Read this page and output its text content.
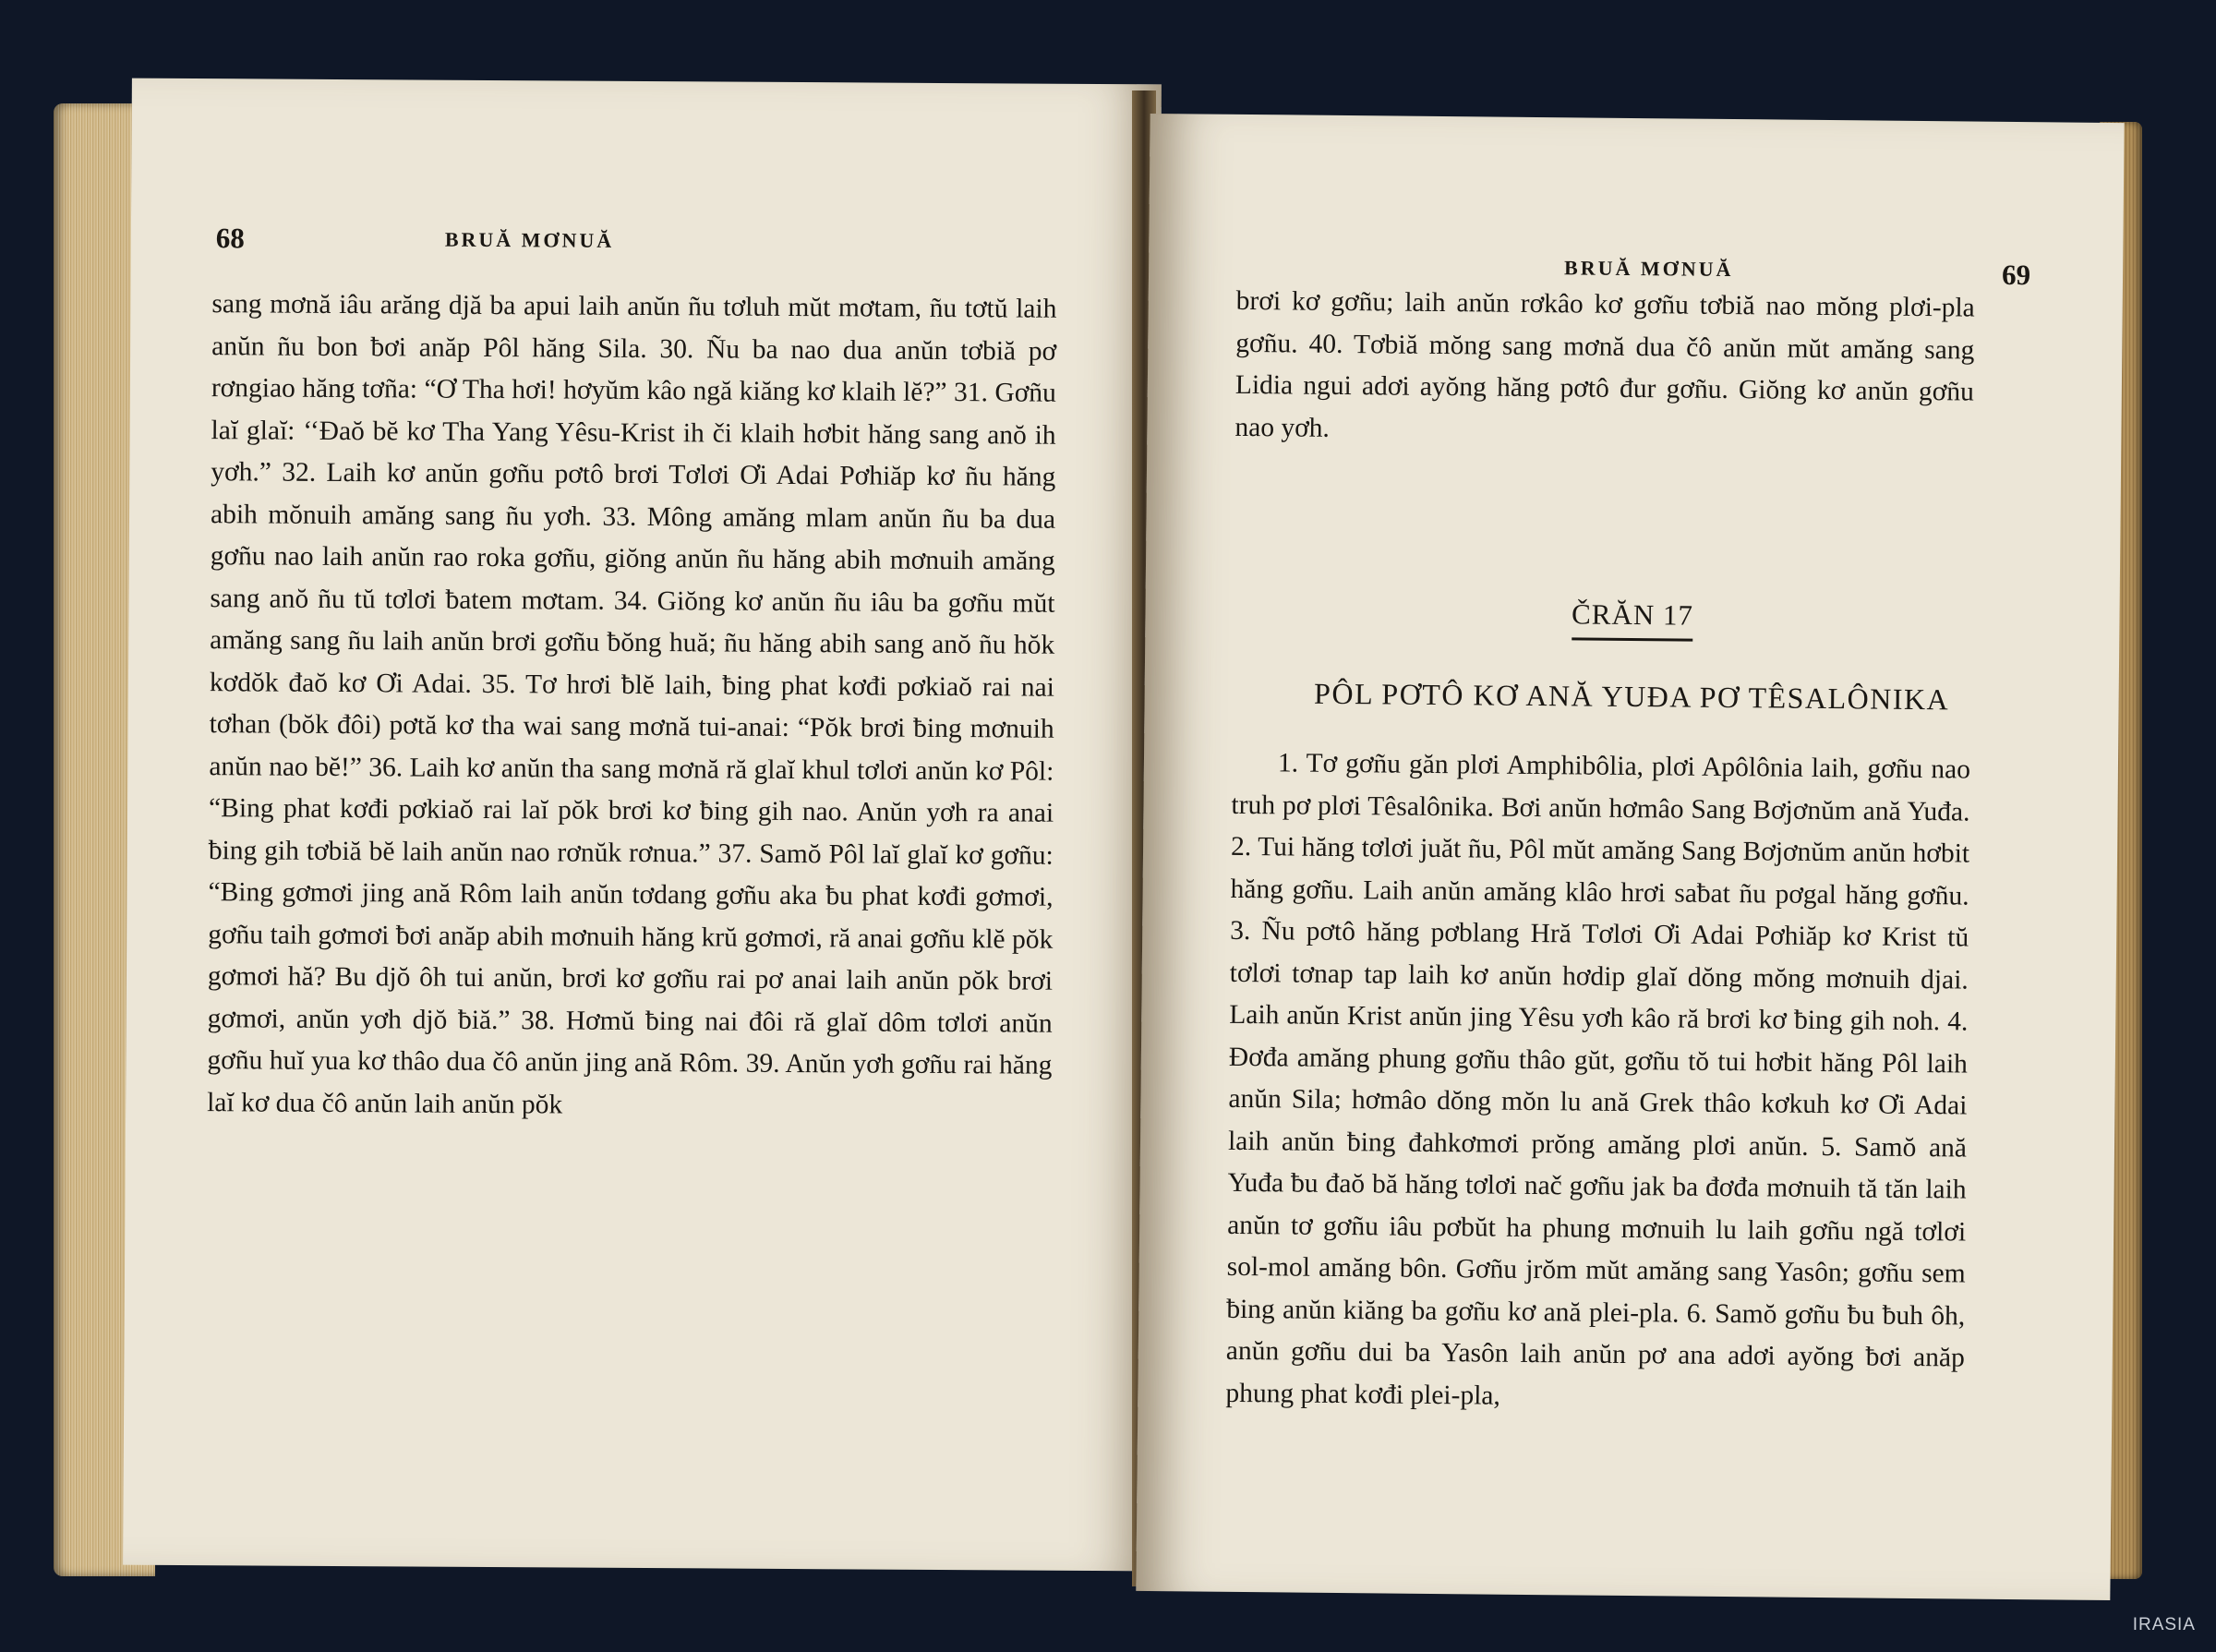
68	BRUĂ MƠNUĂ
sang mơnă iâu arăng djă ba apui laih anŭn ñu tơluh mŭt mơtam, ñu tơtŭ laih anŭn ñu bon ƀơi anăp Pôl hăng Sila. 30. Ñu ba nao dua anŭn tơbiă pơ rơngiao hăng tơña: “Ơ Tha hơi! hơyŭm kâo ngă kiăng kơ klaih lĕ?” 31. Gơñu laĭ glaĭ: ‘‘Đaŏ bĕ kơ Tha Yang Yêsu-Krist ih či klaih hơbit hăng sang anŏ ih yơh.” 32. Laih kơ anŭn gơñu pơtô brơi Tơlơi Ơi Adai Pơhiăp kơ ñu hăng abih mŏnuih amăng sang ñu yơh. 33. Mông amăng mlam anŭn ñu ba dua gơñu nao laih anŭn rao roka gơñu, giŏng anŭn ñu hăng abih mơnuih amăng sang anŏ ñu tŭ tơlơi ƀatem mơtam. 34. Giŏng kơ anŭn ñu iâu ba gơñu mŭt amăng sang ñu laih anŭn brơi gơñu ƀŏng huă; ñu hăng abih sang anŏ ñu hŏk kơdŏk đaŏ kơ Ơi Adai. 35. Tơ hrơi ƀlĕ laih, ƀing phat kơđi pơkiaŏ rai nai tơhan (bŏk đôi) pơtă kơ tha wai sang mơnă tui-anai: “Pŏk brơi ƀing mơnuih anŭn nao bĕ!” 36. Laih kơ anŭn tha sang mơnă ră glaĭ khul tơlơi anŭn kơ Pôl: “Bing phat kơđi pơkiaŏ rai laĭ pŏk brơi kơ ƀing gih nao. Anŭn yơh ra anai ƀing gih tơbiă bĕ laih anŭn nao rơnŭk rơnua.” 37. Samŏ Pôl laĭ glaĭ kơ gơñu: “Bing gơmơi jing ană Rôm laih anŭn tơdang gơñu aka ƀu phat kơđi gơmơi, gơñu taih gơmơi ƀơi anăp abih mơnuih hăng krŭ gơmơi, ră anai gơñu klĕ pŏk gơmơi hă? Bu djŏ ôh tui anŭn, brơi kơ gơñu rai pơ anai laih anŭn pŏk brơi gơmơi, anŭn yơh djŏ ƀiă.” 38. Hơmŭ ƀing nai đôi ră glaĭ dôm tơlơi anŭn gơñu huĭ yua kơ thâo dua čô anŭn jing ană Rôm. 39. Anŭn yơh gơñu rai hăng laĭ kơ dua čô anŭn laih anŭn pŏk
BRUĂ MƠNUĂ	69
brơi kơ gơñu; laih anŭn rơkâo kơ gơñu tơbiă nao mŏng plơi-pla gơñu. 40. Tơbiă mŏng sang mơnă dua čô anŭn mŭt amăng sang Lidia ngui adơi ayŏng hăng pơtô đur gơñu. Giŏng kơ anŭn gơñu nao yơh.
ČRĂN 17
PÔL PƠTÔ KƠ ANĂ YUĐA PƠ TÊSALÔNIKA
1. Tơ gơñu găn plơi Amphibôlia, plơi Apôlônia laih, gơñu nao truh pơ plơi Têsalônika. Bơi anŭn hơmâo Sang Bơjơnŭm ană Yuđa. 2. Tui hăng tơlơi juăt ñu, Pôl mŭt amăng Sang Bơjơnŭm anŭn hơbit hăng gơñu. Laih anŭn amăng klâo hrơi saƀat ñu pơgal hăng gơñu. 3. Ñu pơtô hăng pơblang Hră Tơlơi Ơi Adai Pơhiăp kơ Krist tŭ tơlơi tơnap tap laih kơ anŭn hơdip glaĭ dŏng mŏng mơnuih djai. Laih anŭn Krist anŭn jing Yêsu yơh kâo ră brơi kơ ƀing gih noh. 4. Đơđa amăng phung gơñu thâo gŭt, gơñu tŏ tui hơbit hăng Pôl laih anŭn Sila; hơmâo dŏng mŏn lu ană Grek thâo kơkuh kơ Ơi Adai laih anŭn ƀing đahkơmơi prŏng amăng plơi anŭn. 5. Samŏ ană Yuđa ƀu đaŏ bă hăng tơlơi nač gơñu jak ba đơđa mơnuih tă tăn laih anŭn tơ gơñu iâu pơbŭt ha phung mơnuih lu laih gơñu ngă tơlơi sol-mol amăng bôn. Gơñu jrŏm mŭt amăng sang Yasôn; gơñu sem ƀing anŭn kiăng ba gơñu kơ ană plei-pla. 6. Samŏ gơñu ƀu ƀuh ôh, anŭn gơñu dui ba Yasôn laih anŭn pơ ana adơi ayŏng ƀơi anăp phung phat kơđi plei-pla,
IRASIA
